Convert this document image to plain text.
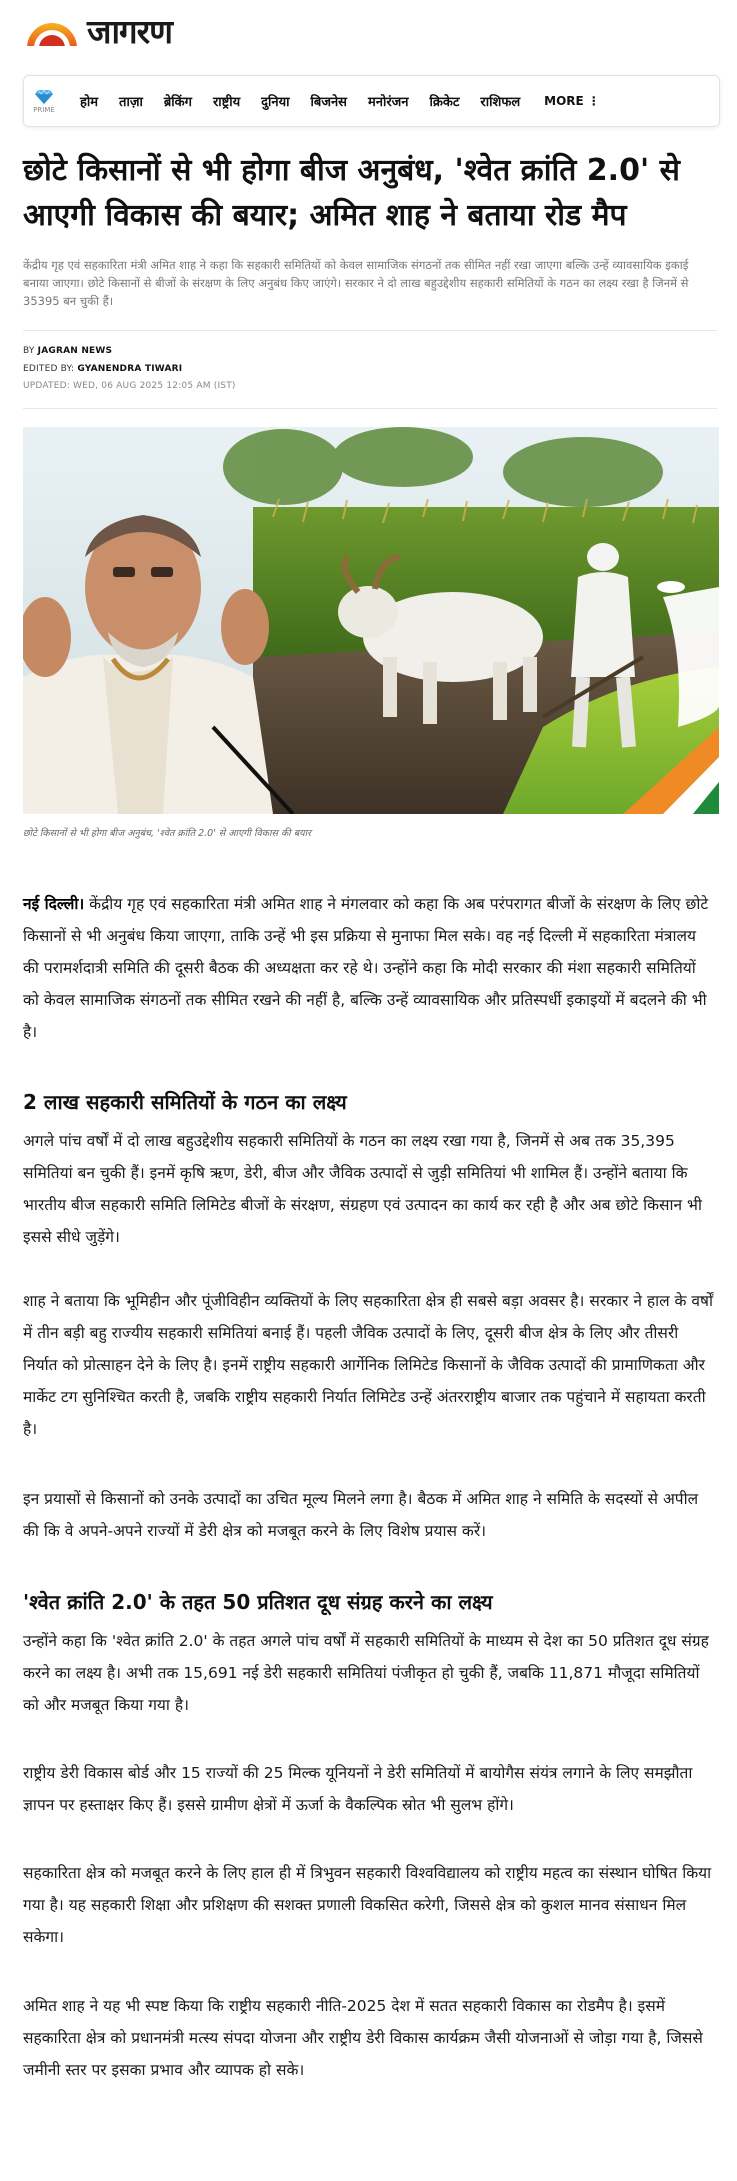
जागरण
PRIME होम ताज़ा ब्रेकिंग राष्ट्रीय दुनिया बिजनेस मनोरंजन क्रिकेट राशिफल MORE ⋮
छोटे किसानों से भी होगा बीज अनुबंध, 'श्वेत क्रांति 2.0' से आएगी विकास की बयार; अमित शाह ने बताया रोड मैप

केंद्रीय गृह एवं सहकारिता मंत्री अमित शाह ने कहा कि सहकारी समितियों को केवल सामाजिक संगठनों तक सीमित नहीं रखा जाएगा बल्कि उन्हें व्यावसायिक इकाई बनाया जाएगा। छोटे किसानों से बीजों के संरक्षण के लिए अनुबंध किए जाएंगे। सरकार ने दो लाख बहुउद्देशीय सहकारी समितियों के गठन का लक्ष्य रखा है जिनमें से 35395 बन चुकी हैं।

BY JAGRAN NEWS
EDITED BY: GYANENDRA TIWARI
UPDATED: WED, 06 AUG 2025 12:05 AM (IST)
छोटे किसानों से भी होगा बीज अनुबंध, 'श्वेत क्रांति 2.0' से आएगी विकास की बयार
नई दिल्ली। केंद्रीय गृह एवं सहकारिता मंत्री अमित शाह ने मंगलवार को कहा कि अब परंपरागत बीजों के संरक्षण के लिए छोटे किसानों से भी अनुबंध किया जाएगा, ताकि उन्हें भी इस प्रक्रिया से मुनाफा मिल सके। वह नई दिल्ली में सहकारिता मंत्रालय की परामर्शदात्री समिति की दूसरी बैठक की अध्यक्षता कर रहे थे। उन्होंने कहा कि मोदी सरकार की मंशा सहकारी समितियों को केवल सामाजिक संगठनों तक सीमित रखने की नहीं है, बल्कि उन्हें व्यावसायिक और प्रतिस्पर्धी इकाइयों में बदलने की भी है।
2 लाख सहकारी समितियों के गठन का लक्ष्य
अगले पांच वर्षों में दो लाख बहुउद्देशीय सहकारी समितियों के गठन का लक्ष्य रखा गया है, जिनमें से अब तक 35,395 समितियां बन चुकी हैं। इनमें कृषि ऋण, डेरी, बीज और जैविक उत्पादों से जुड़ी समितियां भी शामिल हैं। उन्होंने बताया कि भारतीय बीज सहकारी समिति लिमिटेड बीजों के संरक्षण, संग्रहण एवं उत्पादन का कार्य कर रही है और अब छोटे किसान भी इससे सीधे जुड़ेंगे।
शाह ने बताया कि भूमिहीन और पूंजीविहीन व्यक्तियों के लिए सहकारिता क्षेत्र ही सबसे बड़ा अवसर है। सरकार ने हाल के वर्षों में तीन बड़ी बहु राज्यीय सहकारी समितियां बनाई हैं। पहली जैविक उत्पादों के लिए, दूसरी बीज क्षेत्र के लिए और तीसरी निर्यात को प्रोत्साहन देने के लिए है। इनमें राष्ट्रीय सहकारी आर्गेनिक लिमिटेड किसानों के जैविक उत्पादों की प्रामाणिकता और मार्केट टग सुनिश्चित करती है, जबकि राष्ट्रीय सहकारी निर्यात लिमिटेड उन्हें अंतरराष्ट्रीय बाजार तक पहुंचाने में सहायता करती है।
इन प्रयासों से किसानों को उनके उत्पादों का उचित मूल्य मिलने लगा है। बैठक में अमित शाह ने समिति के सदस्यों से अपील की कि वे अपने-अपने राज्यों में डेरी क्षेत्र को मजबूत करने के लिए विशेष प्रयास करें।
'श्वेत क्रांति 2.0' के तहत 50 प्रतिशत दूध संग्रह करने का लक्ष्य
उन्होंने कहा कि 'श्वेत क्रांति 2.0' के तहत अगले पांच वर्षों में सहकारी समितियों के माध्यम से देश का 50 प्रतिशत दूध संग्रह करने का लक्ष्य है। अभी तक 15,691 नई डेरी सहकारी समितियां पंजीकृत हो चुकी हैं, जबकि 11,871 मौजूदा समितियों को और मजबूत किया गया है।
राष्ट्रीय डेरी विकास बोर्ड और 15 राज्यों की 25 मिल्क यूनियनों ने डेरी समितियों में बायोगैस संयंत्र लगाने के लिए समझौता ज्ञापन पर हस्ताक्षर किए हैं। इससे ग्रामीण क्षेत्रों में ऊर्जा के वैकल्पिक स्रोत भी सुलभ होंगे।
सहकारिता क्षेत्र को मजबूत करने के लिए हाल ही में त्रिभुवन सहकारी विश्वविद्यालय को राष्ट्रीय महत्व का संस्थान घोषित किया गया है। यह सहकारी शिक्षा और प्रशिक्षण की सशक्त प्रणाली विकसित करेगी, जिससे क्षेत्र को कुशल मानव संसाधन मिल सकेगा।
अमित शाह ने यह भी स्पष्ट किया कि राष्ट्रीय सहकारी नीति-2025 देश में सतत सहकारी विकास का रोडमैप है। इसमें सहकारिता क्षेत्र को प्रधानमंत्री मत्स्य संपदा योजना और राष्ट्रीय डेरी विकास कार्यक्रम जैसी योजनाओं से जोड़ा गया है, जिससे जमीनी स्तर पर इसका प्रभाव और व्यापक हो सके।
